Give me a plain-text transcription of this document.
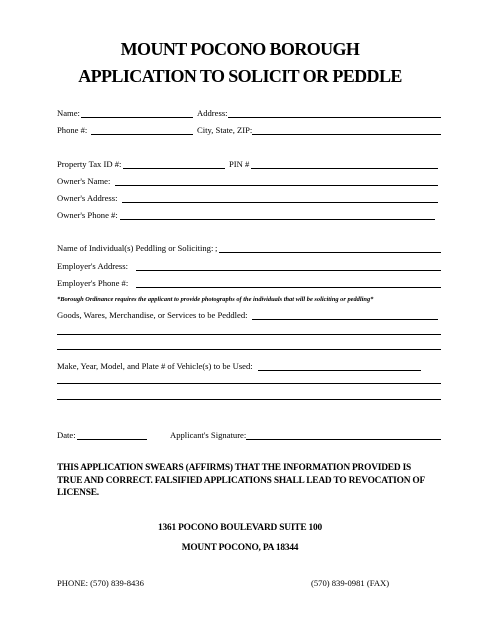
MOUNT POCONO BOROUGH
APPLICATION TO SOLICIT OR PEDDLE
Name:	Address:
Phone #:	City, State, ZIP:
Property Tax ID #:	PIN #
Owner's Name:
Owner's Address:
Owner's Phone #:
Name of Individual(s) Peddling or Soliciting: ;
Employer's Address:
Employer's Phone #:
*Borough Ordinance requires the applicant to provide photographs of the individuals that will be soliciting or peddling*
Goods, Wares, Merchandise, or Services to be Peddled:
Make, Year, Model, and Plate # of Vehicle(s) to be Used:
Date:	Applicant's Signature:
THIS APPLICATION SWEARS (AFFIRMS) THAT THE INFORMATION PROVIDED IS TRUE AND CORRECT. FALSIFIED APPLICATIONS SHALL LEAD TO REVOCATION OF LICENSE.
1361 POCONO BOULEVARD SUITE 100
MOUNT POCONO, PA 18344
PHONE: (570) 839-8436	(570) 839-0981 (FAX)
